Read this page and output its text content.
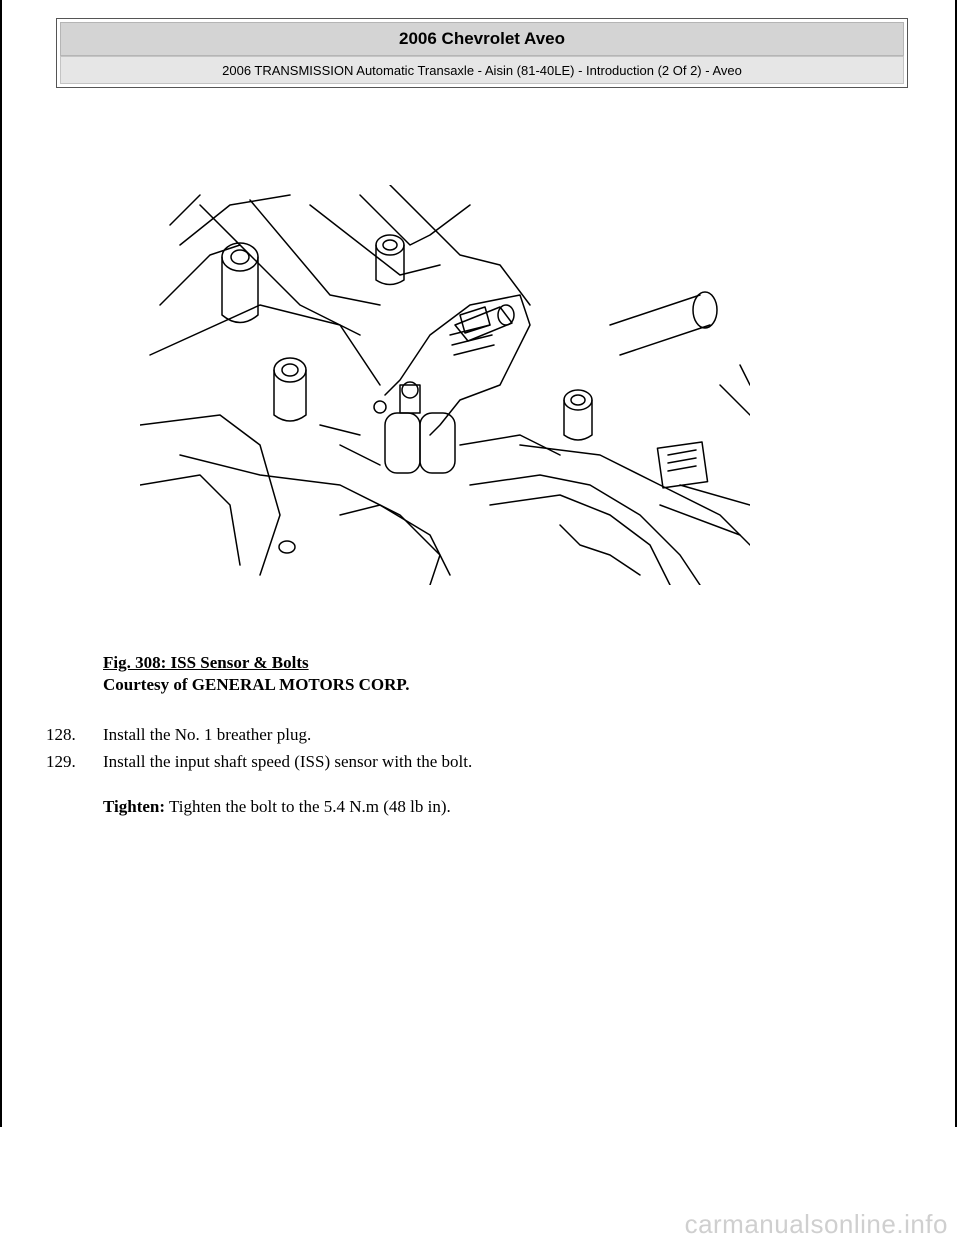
2006 Chevrolet Aveo
2006 TRANSMISSION Automatic Transaxle - Aisin (81-40LE) - Introduction (2 Of 2) - Aveo
Fig. 308: ISS Sensor & Bolts
Courtesy of GENERAL MOTORS CORP.
128.	Install the No. 1 breather plug.
129.	Install the input shaft speed (ISS) sensor with the bolt.
Tighten: Tighten the bolt to the 5.4 N.m (48 lb in).
carmanualsonline.info
